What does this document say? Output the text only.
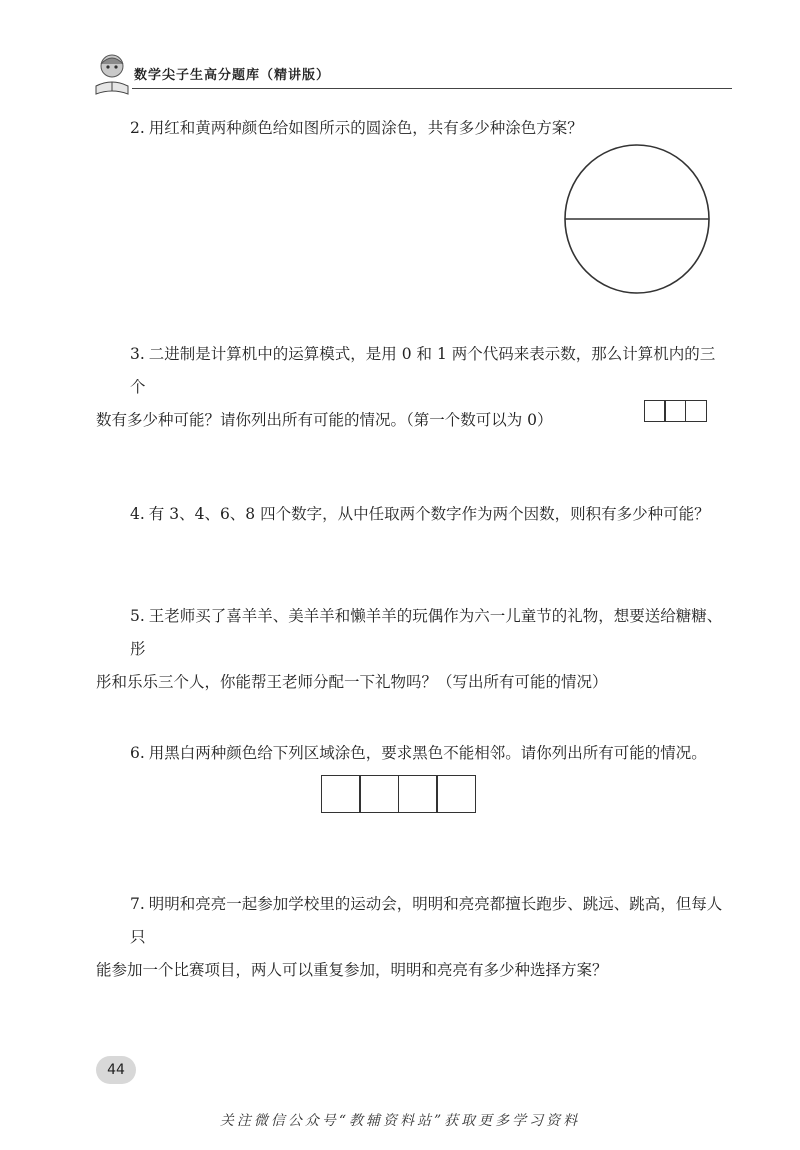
数学尖子生高分题库（精讲版）
2. 用红和黄两种颜色给如图所示的圆涂色，共有多少种涂色方案？
3. 二进制是计算机中的运算模式，是用 0 和 1 两个代码来表示数，那么计算机内的三个
数有多少种可能？请你列出所有可能的情况。（第一个数可以为 0）
4. 有 3、4、6、8 四个数字，从中任取两个数字作为两个因数，则积有多少种可能？
5. 王老师买了喜羊羊、美羊羊和懒羊羊的玩偶作为六一儿童节的礼物，想要送给糖糖、彤
彤和乐乐三个人，你能帮王老师分配一下礼物吗？（写出所有可能的情况）
6. 用黑白两种颜色给下列区域涂色，要求黑色不能相邻。请你列出所有可能的情况。
7. 明明和亮亮一起参加学校里的运动会，明明和亮亮都擅长跑步、跳远、跳高，但每人只
能参加一个比赛项目，两人可以重复参加，明明和亮亮有多少种选择方案？
44
关注微信公众号“教辅资料站”获取更多学习资料
